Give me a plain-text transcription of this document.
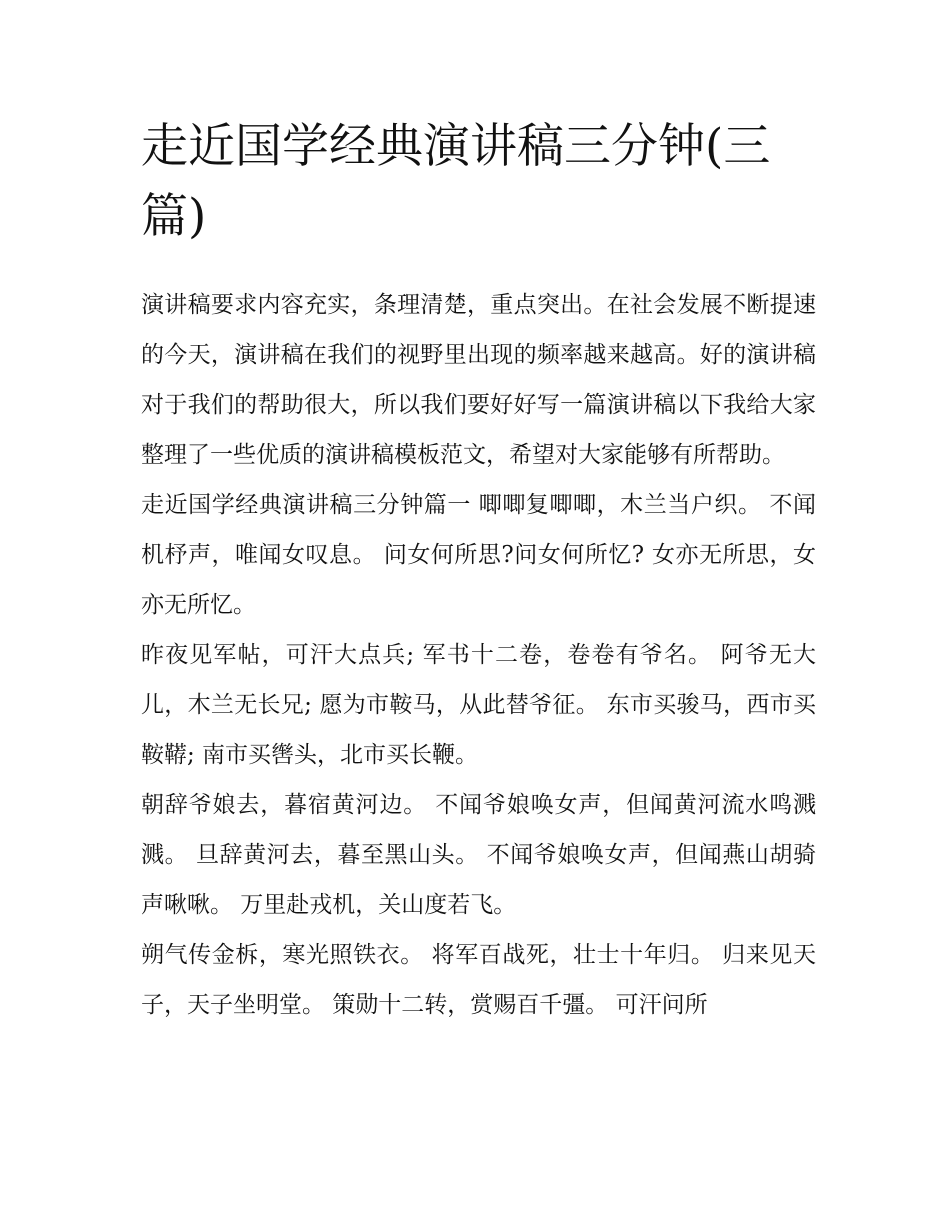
走近国学经典演讲稿三分钟(三篇)

演讲稿要求内容充实，条理清楚，重点突出。在社会发展不断提速的今天，演讲稿在我们的视野里出现的频率越来越高。好的演讲稿对于我们的帮助很大，所以我们要好好写一篇演讲稿以下我给大家整理了一些优质的演讲稿模板范文，希望对大家能够有所帮助。

走近国学经典演讲稿三分钟篇一 唧唧复唧唧，木兰当户织。 不闻机杼声，唯闻女叹息。 问女何所思?问女何所忆? 女亦无所思，女亦无所忆。

昨夜见军帖，可汗大点兵; 军书十二卷，卷卷有爷名。 阿爷无大儿，木兰无长兄; 愿为市鞍马，从此替爷征。 东市买骏马，西市买鞍鞯; 南市买辔头，北市买长鞭。

朝辞爷娘去，暮宿黄河边。 不闻爷娘唤女声，但闻黄河流水鸣溅溅。 旦辞黄河去，暮至黑山头。 不闻爷娘唤女声，但闻燕山胡骑声啾啾。 万里赴戎机，关山度若飞。

朔气传金柝，寒光照铁衣。 将军百战死，壮士十年归。 归来见天子，天子坐明堂。 策勋十二转，赏赐百千彊。 可汗问所
